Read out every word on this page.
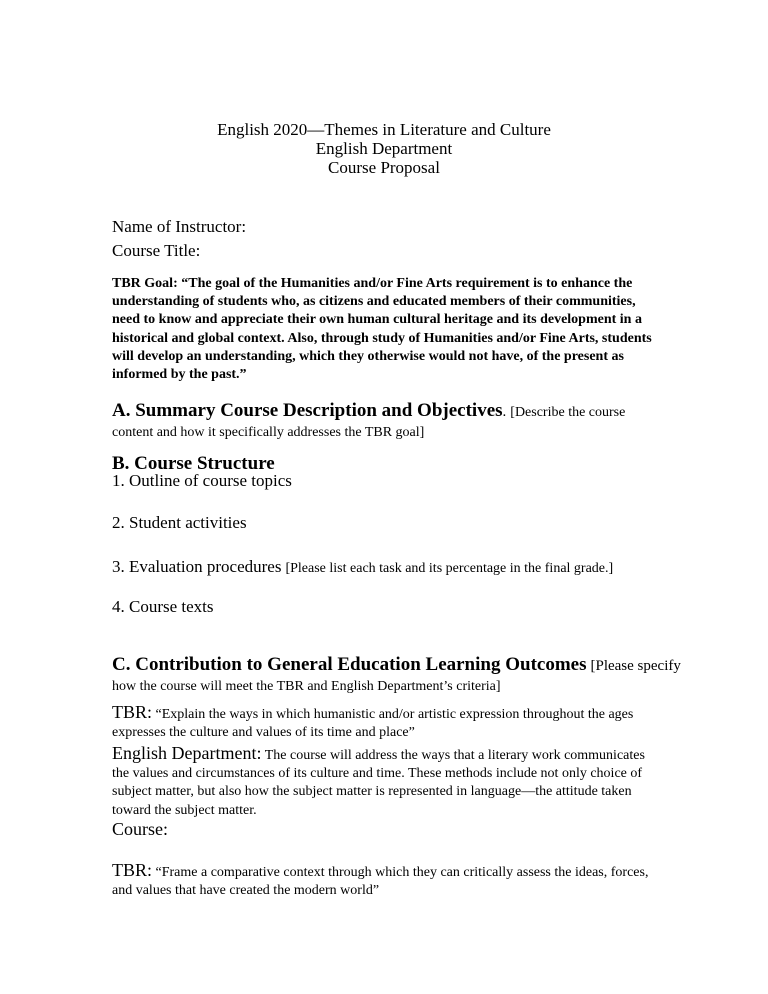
English 2020—Themes in Literature and Culture
English Department
Course Proposal
Name of Instructor:
Course Title:
TBR Goal: “The goal of the Humanities and/or Fine Arts requirement is to enhance the understanding of students who, as citizens and educated members of their communities, need to know and appreciate their own human cultural heritage and its development in a historical and global context. Also, through study of Humanities and/or Fine Arts, students will develop an understanding, which they otherwise would not have, of the present as informed by the past.”
A. Summary Course Description and Objectives. [Describe the course
content and how it specifically addresses the TBR goal]
B. Course Structure
1. Outline of course topics
2. Student activities
3. Evaluation procedures [Please list each task and its percentage in the final grade.]
4. Course texts
C. Contribution to General Education Learning Outcomes [Please specify
how the course will meet the TBR and English Department’s criteria]
TBR: “Explain the ways in which humanistic and/or artistic expression throughout the ages expresses the culture and values of its time and place”
English Department: The course will address the ways that a literary work communicates the values and circumstances of its culture and time. These methods include not only choice of subject matter, but also how the subject matter is represented in language—the attitude taken toward the subject matter.
Course:
TBR: “Frame a comparative context through which they can critically assess the ideas, forces, and values that have created the modern world”
